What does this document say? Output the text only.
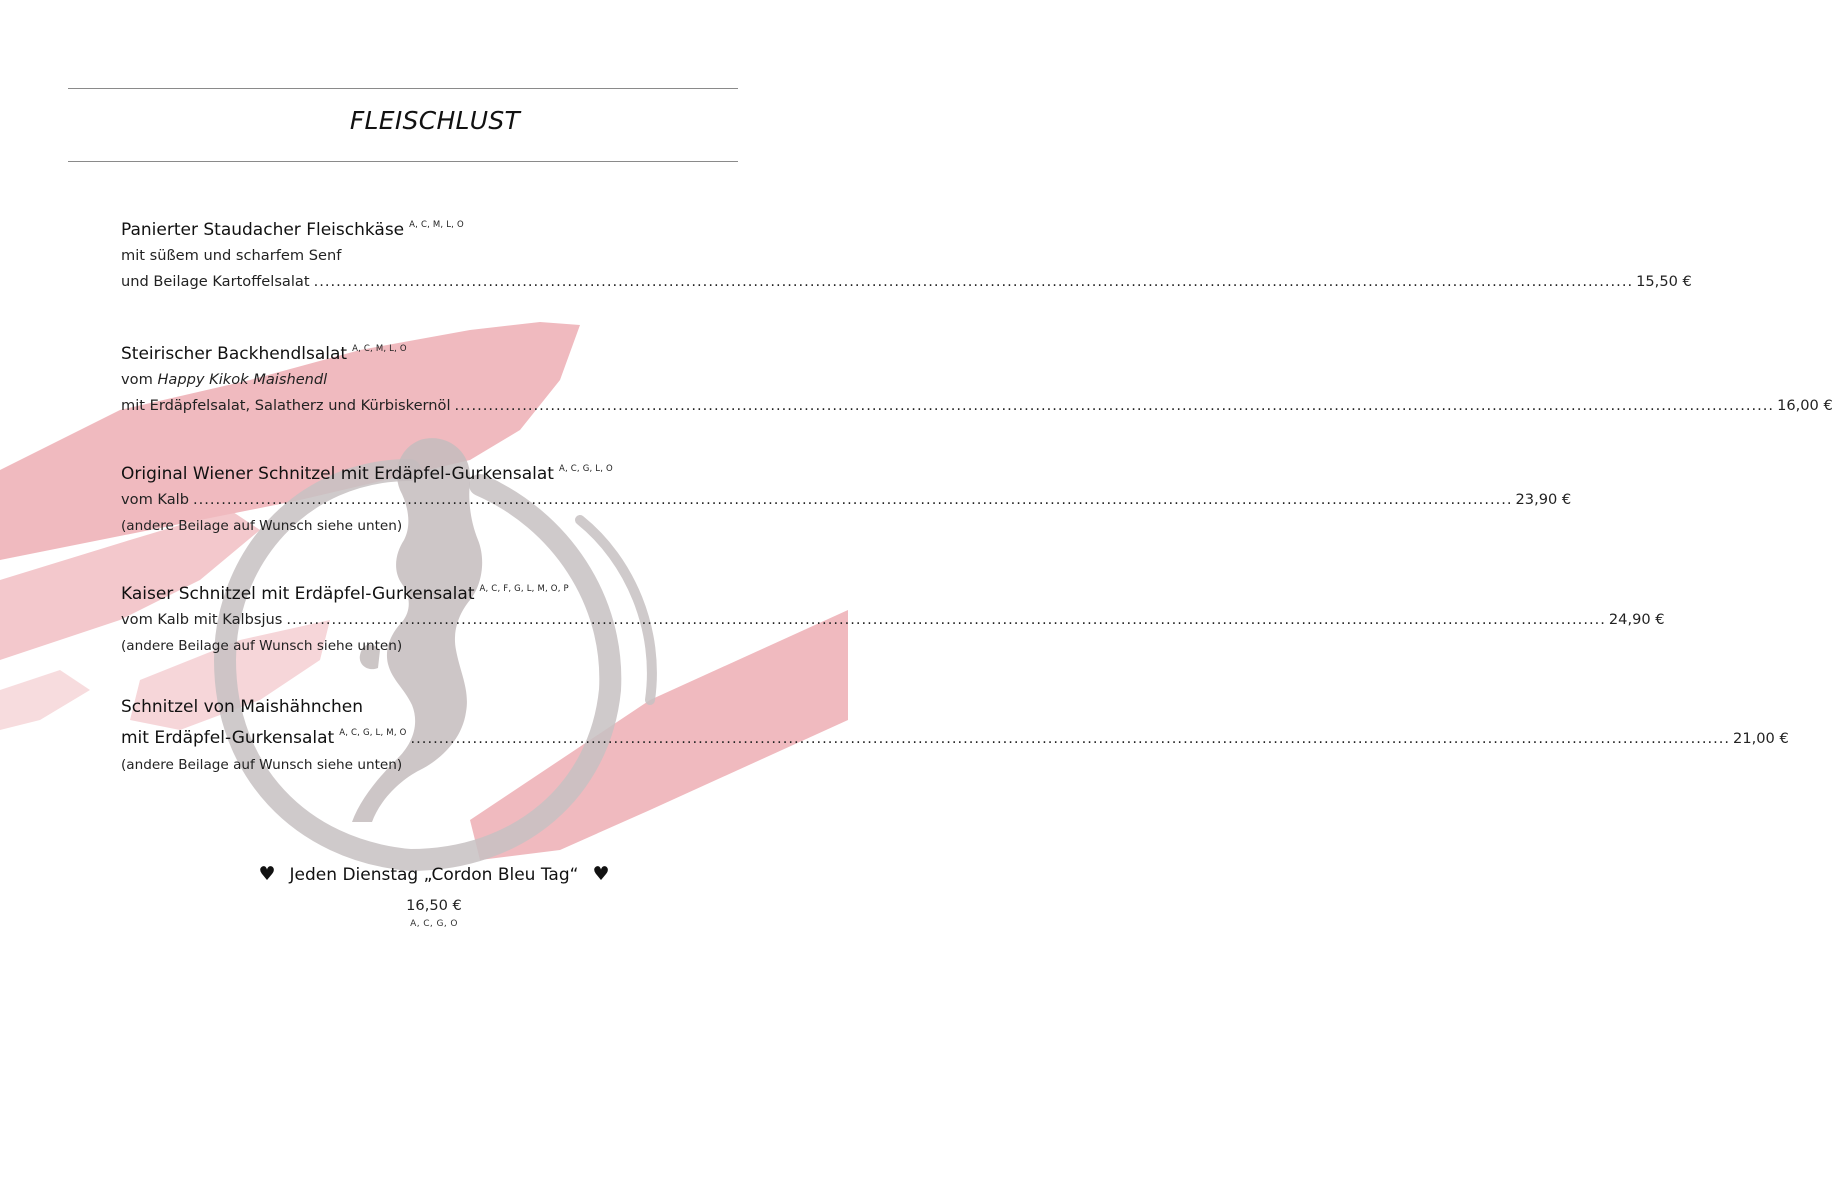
FLEISCHLUST
Panierter Staudacher Fleischkäse $^{A, C, M, L, O}$
mit süßem und scharfem Senf
und Beilage Kartoffelsalat .......................................................................................................................................................................................................................................... 15,50 €
Steirischer Backhendlsalat $^{A, C, M, L, O}$
vom Happy Kikok Maishendl
mit Erdäpfelsalat, Salatherz und Kürbiskernöl .......................................................................................................................................................................................................................................... 16,00 €
Original Wiener Schnitzel mit Erdäpfel-Gurkensalat $^{A, C, G, L, O}$
vom Kalb .......................................................................................................................................................................................................................................... 23,90 €
(andere Beilage auf Wunsch siehe unten)
Kaiser Schnitzel mit Erdäpfel-Gurkensalat $^{A, C, F, G, L, M, O, P}$
vom Kalb mit Kalbsjus .......................................................................................................................................................................................................................................... 24,90 €
(andere Beilage auf Wunsch siehe unten)
Schnitzel von Maishähnchen
mit Erdäpfel-Gurkensalat $^{A, C, G, L, M, O}$ .......................................................................................................................................................................................................................................... 21,00 €
(andere Beilage auf Wunsch siehe unten)
♥ Jeden Dienstag „Cordon Bleu Tag“ ♥
16,50 €
A, C, G, O
